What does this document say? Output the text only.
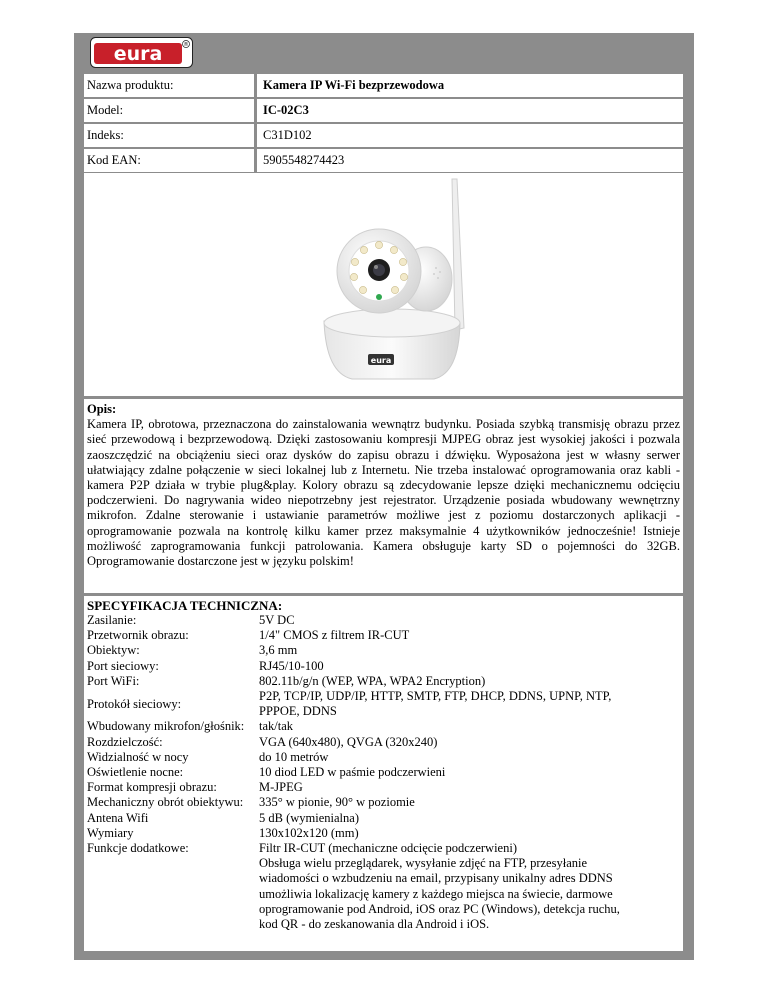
eura	®
Nazwa produktu:	Kamera IP Wi-Fi bezprzewodowa
Model:	IC-02C3
Indeks:	C31D102
Kod EAN:	5905548274423
eura
Opis:

Kamera IP, obrotowa, przeznaczona do zainstalowania wewnątrz budynku. Posiada szybką transmisję obrazu przez sieć przewodową i bezprzewodową. Dzięki zastosowaniu kompresji MJPEG obraz jest wysokiej jakości i pozwala zaoszczędzić na obciążeniu sieci oraz dysków do zapisu obrazu i dźwięku. Wyposażona jest w własny serwer ułatwiający zdalne połączenie w sieci lokalnej lub z Internetu. Nie trzeba instalować oprogramowania oraz kabli - kamera P2P działa w trybie plug&play. Kolory obrazu są zdecydowanie lepsze dzięki mechanicznemu odcięciu podczerwieni. Do nagrywania wideo niepotrzebny jest rejestrator. Urządzenie posiada wbudowany wewnętrzny mikrofon. Zdalne sterowanie i ustawianie parametrów możliwe jest z poziomu dostarczonych aplikacji - oprogramowanie pozwala na kontrolę kilku kamer przez maksymalnie 4 użytkowników jednocześnie! Istnieje możliwość zaprogramowania funkcji patrolowania. Kamera obsługuje karty SD o pojemności do 32GB. Oprogramowanie dostarczone jest w języku polskim!

SPECYFIKACJA TECHNICZNA:
Zasilanie:	5V DC
Przetwornik obrazu:	1/4" CMOS z filtrem IR-CUT
Obiektyw:	3,6 mm
Port sieciowy:	RJ45/10-100
Port WiFi:	802.11b/g/n (WEP, WPA, WPA2 Encryption)
Protokół sieciowy:
P2P, TCP/IP, UDP/IP, HTTP, SMTP, FTP, DHCP, DDNS, UPNP, NTP,
PPPOE, DDNS
Wbudowany mikrofon/głośnik:	tak/tak
Rozdzielczość:	VGA (640x480), QVGA (320x240)
Widzialność w nocy	do 10 metrów
Oświetlenie nocne:	10 diod LED w paśmie podczerwieni
Format kompresji obrazu:	M-JPEG
Mechaniczny obrót obiektywu:	335° w pionie, 90° w poziomie
Antena Wifi	5 dB (wymienialna)
Wymiary	130x102x120 (mm)
Funkcje dodatkowe:	Filtr IR-CUT (mechaniczne odcięcie podczerwieni)
Obsługa wielu przeglądarek, wysyłanie zdjęć na FTP, przesyłanie
wiadomości o wzbudzeniu na email, przypisany unikalny adres DDNS
umożliwia lokalizację kamery z każdego miejsca na świecie, darmowe
oprogramowanie pod Android, iOS oraz PC (Windows), detekcja ruchu,
kod QR - do zeskanowania dla Android i iOS.
